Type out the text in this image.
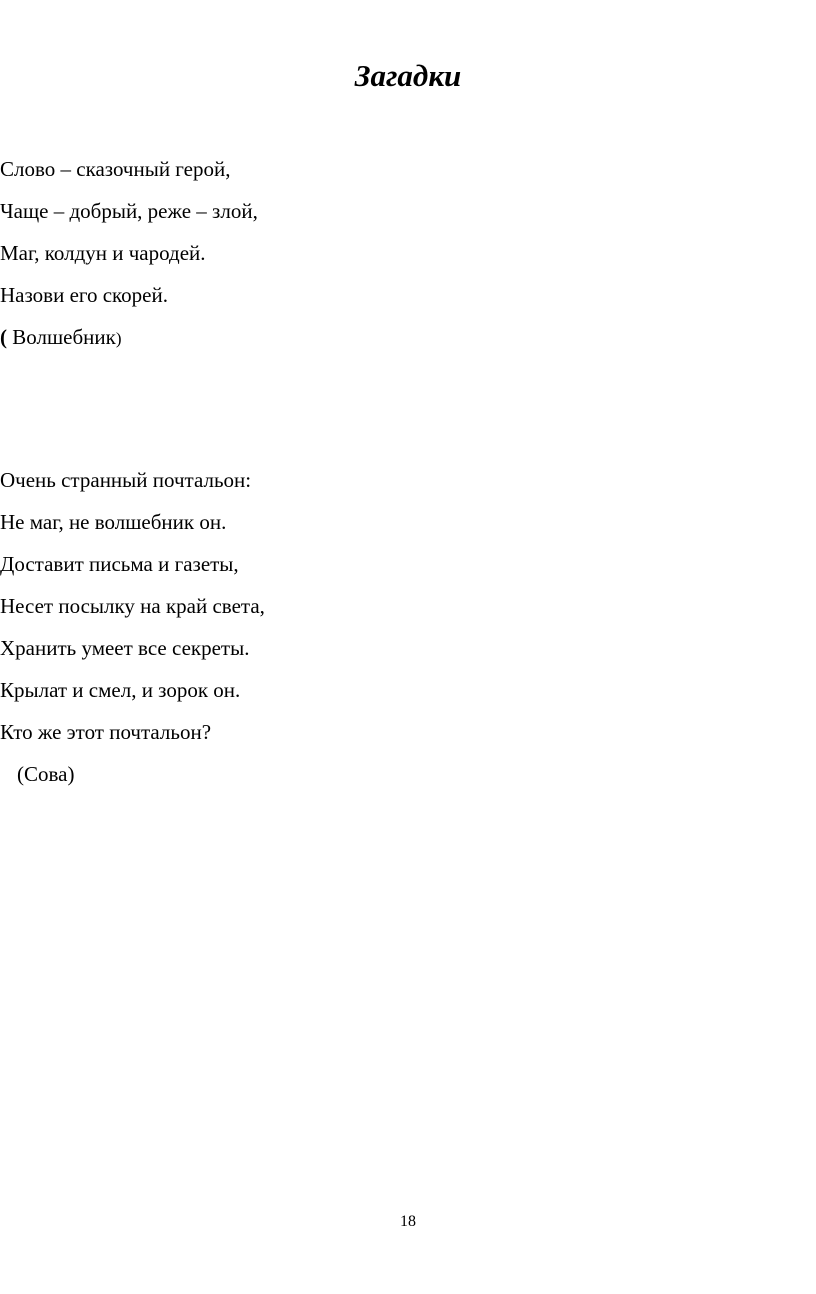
Загадки
Слово – сказочный герой,
Чаще – добрый, реже – злой,
Маг, колдун и чародей.
Назови его скорей.
( Волшебник)
Очень странный почтальон:
Не маг, не волшебник он.
Доставит письма и газеты,
Несет посылку на край света,
Хранить умеет все секреты.
Крылат и смел, и зорок он.
Кто же этот почтальон?
(Сова)
18
